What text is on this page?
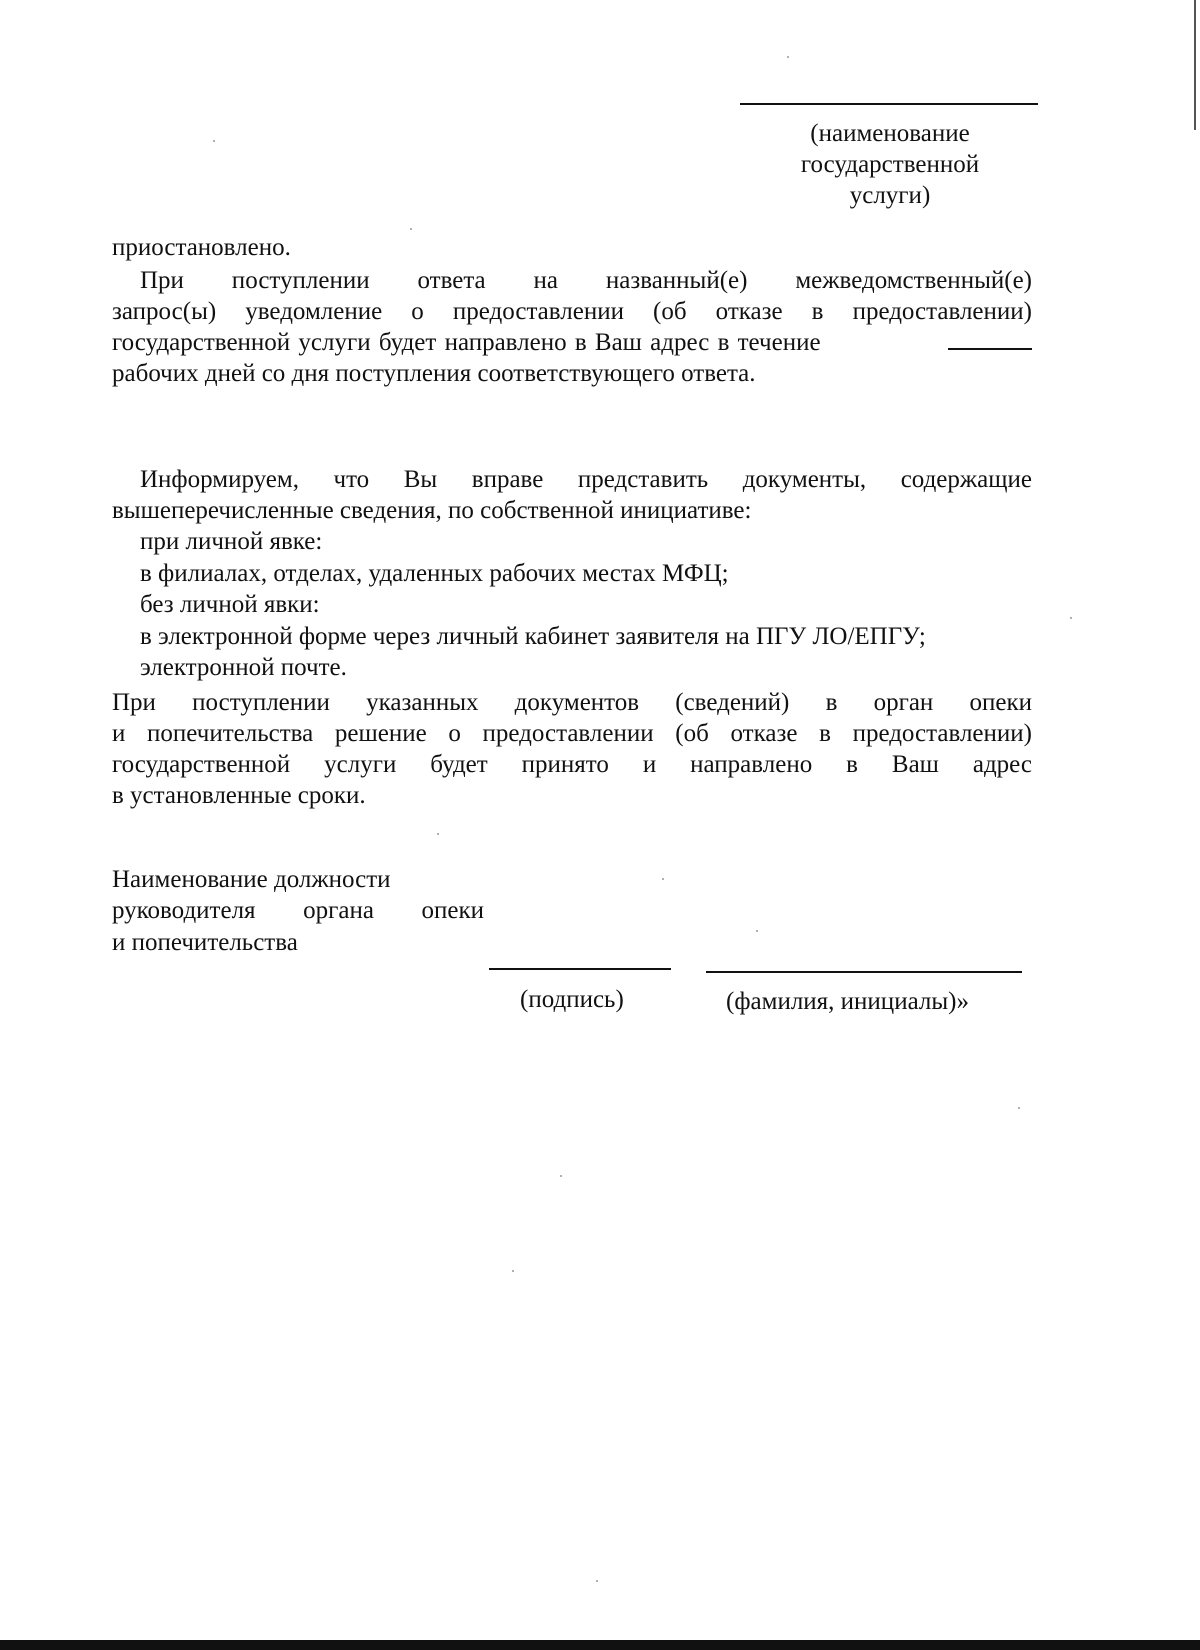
(наименование
государственной
услуги)
приостановлено.
При поступлении ответа на названный(е) межведомственный(е)
запрос(ы) уведомление о предоставлении (об отказе в предоставлении)
государственной услуги будет направлено в Ваш адрес в течение
рабочих дней со дня поступления соответствующего ответа.
Информируем, что Вы вправе представить документы, содержащие
вышеперечисленные сведения, по собственной инициативе:
при личной явке:
в филиалах, отделах, удаленных рабочих местах МФЦ;
без личной явки:
в электронной форме через личный кабинет заявителя на ПГУ ЛО/ЕПГУ;
электронной почте.
При поступлении указанных документов (сведений) в орган опеки
и попечительства решение о предоставлении (об отказе в предоставлении)
государственной услуги будет принято и направлено в Ваш адрес
в установленные сроки.
Наименование должности
руководителя органа опеки
и попечительства
(подпись)	(фамилия, инициалы)»
